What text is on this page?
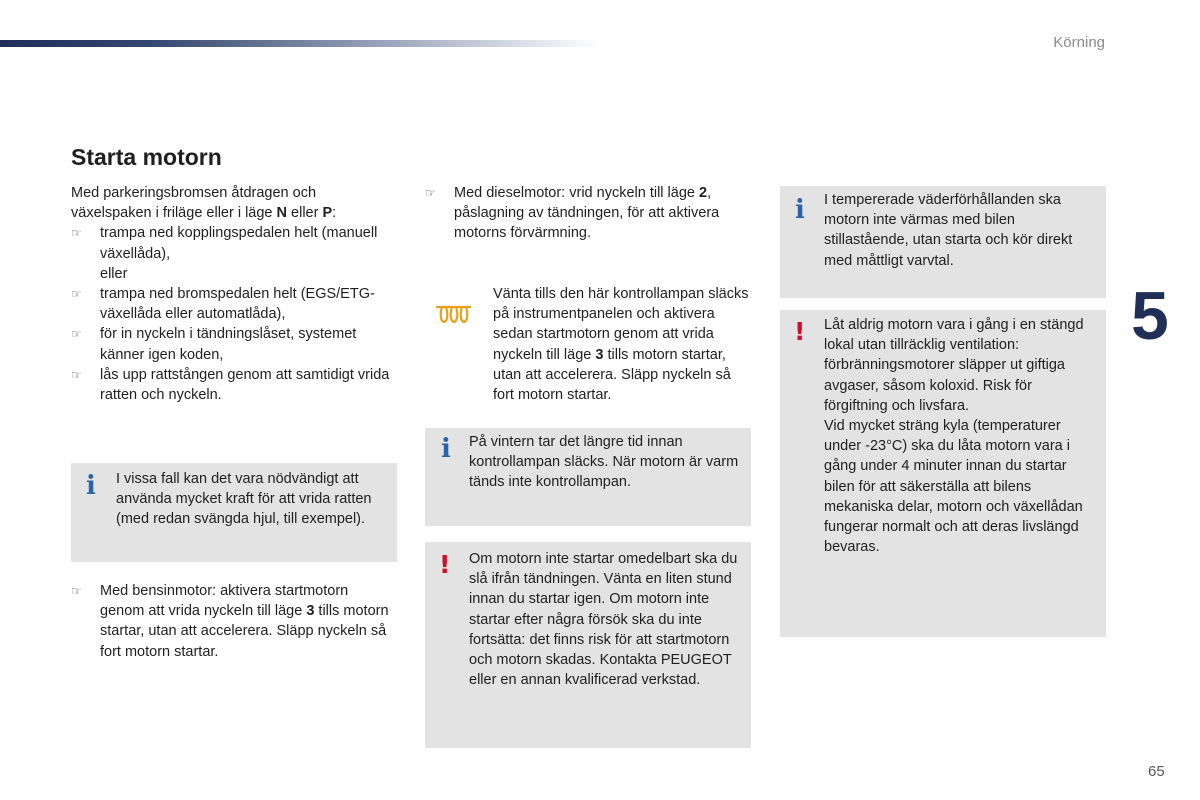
Körning
5
65
Starta motorn

Med parkeringsbromsen åtdragen och

växelspaken i friläge eller i läge N eller P:

☞	trampa ned kopplingspedalen helt (manuell växellåda),

eller

☞	trampa ned bromspedalen helt (EGS/ETG-växellåda eller automatlåda),
☞	för in nyckeln i tändningslåset, systemet känner igen koden,
☞	lås upp rattstången genom att samtidigt vrida ratten och nyckeln.
i I vissa fall kan det vara nödvändigt att använda mycket kraft för att vrida ratten (med redan svängda hjul, till exempel).
☞	Med bensinmotor: aktivera startmotorn genom att vrida nyckeln till läge 3 tills motorn startar, utan att accelerera. Släpp nyckeln så fort motorn startar.
☞	Med dieselmotor: vrid nyckeln till läge 2, påslagning av tändningen, för att aktivera motorns förvärmning.

Vänta tills den här kontrollampan släcks på instrumentpanelen och aktivera sedan startmotorn genom att vrida nyckeln till läge 3 tills motorn startar, utan att accelerera. Släpp nyckeln så fort motorn startar.

i På vintern tar det längre tid innan kontrollampan släcks. När motorn är varm tänds inte kontrollampan.
! Om motorn inte startar omedelbart ska du slå ifrån tändningen. Vänta en liten stund innan du startar igen. Om motorn inte startar efter några försök ska du inte fortsätta: det finns risk för att startmotorn och motorn skadas. Kontakta PEUGEOT eller en annan kvalificerad verkstad.
i I tempererade väderförhållanden ska motorn inte värmas med bilen stillastående, utan starta och kör direkt med måttligt varvtal.
! Låt aldrig motorn vara i gång i en stängd lokal utan tillräcklig ventilation: förbränningsmotorer släpper ut giftiga avgaser, såsom koloxid. Risk för förgiftning och livsfara.

Vid mycket sträng kyla (temperaturer under -23°C) ska du låta motorn vara i gång under 4 minuter innan du startar bilen för att säkerställa att bilens mekaniska delar, motorn och växellådan fungerar normalt och att deras livslängd bevaras.
